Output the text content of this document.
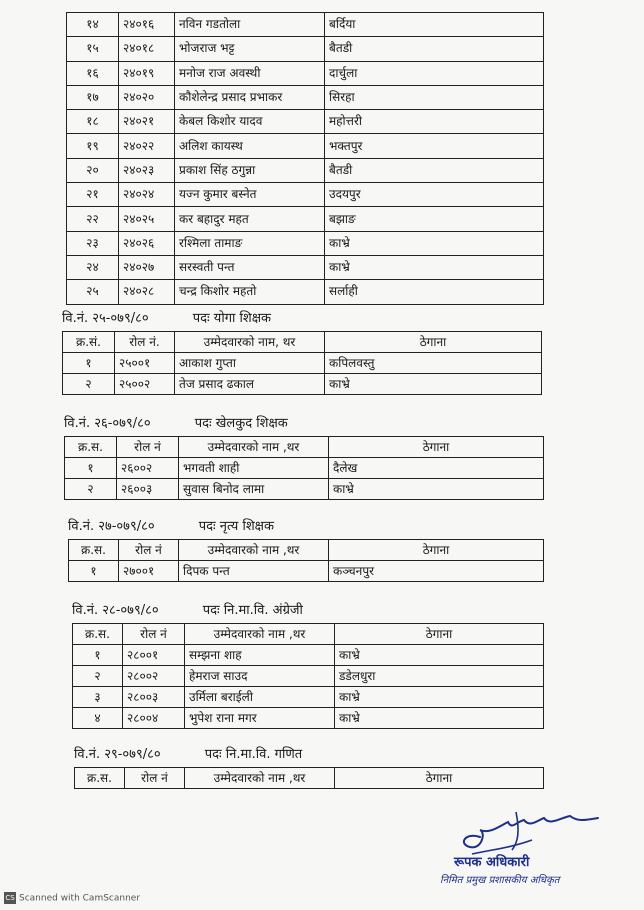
१४	२४०१६	नविन गडतोला	बर्दिया
१५	२४०१८	भोजराज भट्ट	बैतडी
१६	२४०१९	मनोज राज अवस्थी	दार्चुला
१७	२४०२०	कौशेलेन्द्र प्रसाद प्रभाकर	सिरहा
१८	२४०२१	केबल किशोर यादव	महोत्तरी
१९	२४०२२	अलिश कायस्थ	भक्तपुर
२०	२४०२३	प्रकाश सिंह ठगुन्ना	बैतडी
२१	२४०२४	यज्न कुमार बस्नेत	उदयपुर
२२	२४०२५	कर बहादुर महत	बझाङ
२३	२४०२६	रश्मिला तामाङ	काभ्रे
२४	२४०२७	सरस्वती पन्त	काभ्रे
२५	२४०२८	चन्द्र किशोर महतो	सर्लाही
वि.नं. २५-०७९/८०	पदः योगा शिक्षक
क्र.सं.	रोल नं.	उम्मेदवारको नाम, थर	ठेगाना
१	२५००१	आकाश गुप्ता	कपिलवस्तु
२	२५००२	तेज प्रसाद ढकाल	काभ्रे
वि.नं. २६-०७९/८०	पदः खेलकुद शिक्षक
क्र.स.	रोल नं	उम्मेदवारको नाम ,थर	ठेगाना
१	२६००२	भगवती शाही	दैलेख
२	२६००३	सुवास बिनोद लामा	काभ्रे
वि.नं. २७-०७९/८०	पदः नृत्य शिक्षक
क्र.स.	रोल नं	उम्मेदवारको नाम ,थर	ठेगाना
१	२७००१	दिपक पन्त	कञ्चनपुर
वि.नं. २८-०७९/८०	पदः नि.मा.वि. अंग्रेजी
क्र.स.	रोल नं	उम्मेदवारको नाम ,थर	ठेगाना
१	२८००१	सम्झना शाह	काभ्रे
२	२८००२	हेमराज साउद	डडेलधुरा
३	२८००३	उर्मिला बराईली	काभ्रे
४	२८००४	भुपेश राना मगर	काभ्रे
वि.नं. २९-०७९/८०	पदः नि.मा.वि. गणित
क्र.स.	रोल नं	उम्मेदवारको नाम ,थर	ठेगाना
रूपक अधिकारी
निमित प्रमुख प्रशासकीय अधिकृत
CS Scanned with CamScanner
